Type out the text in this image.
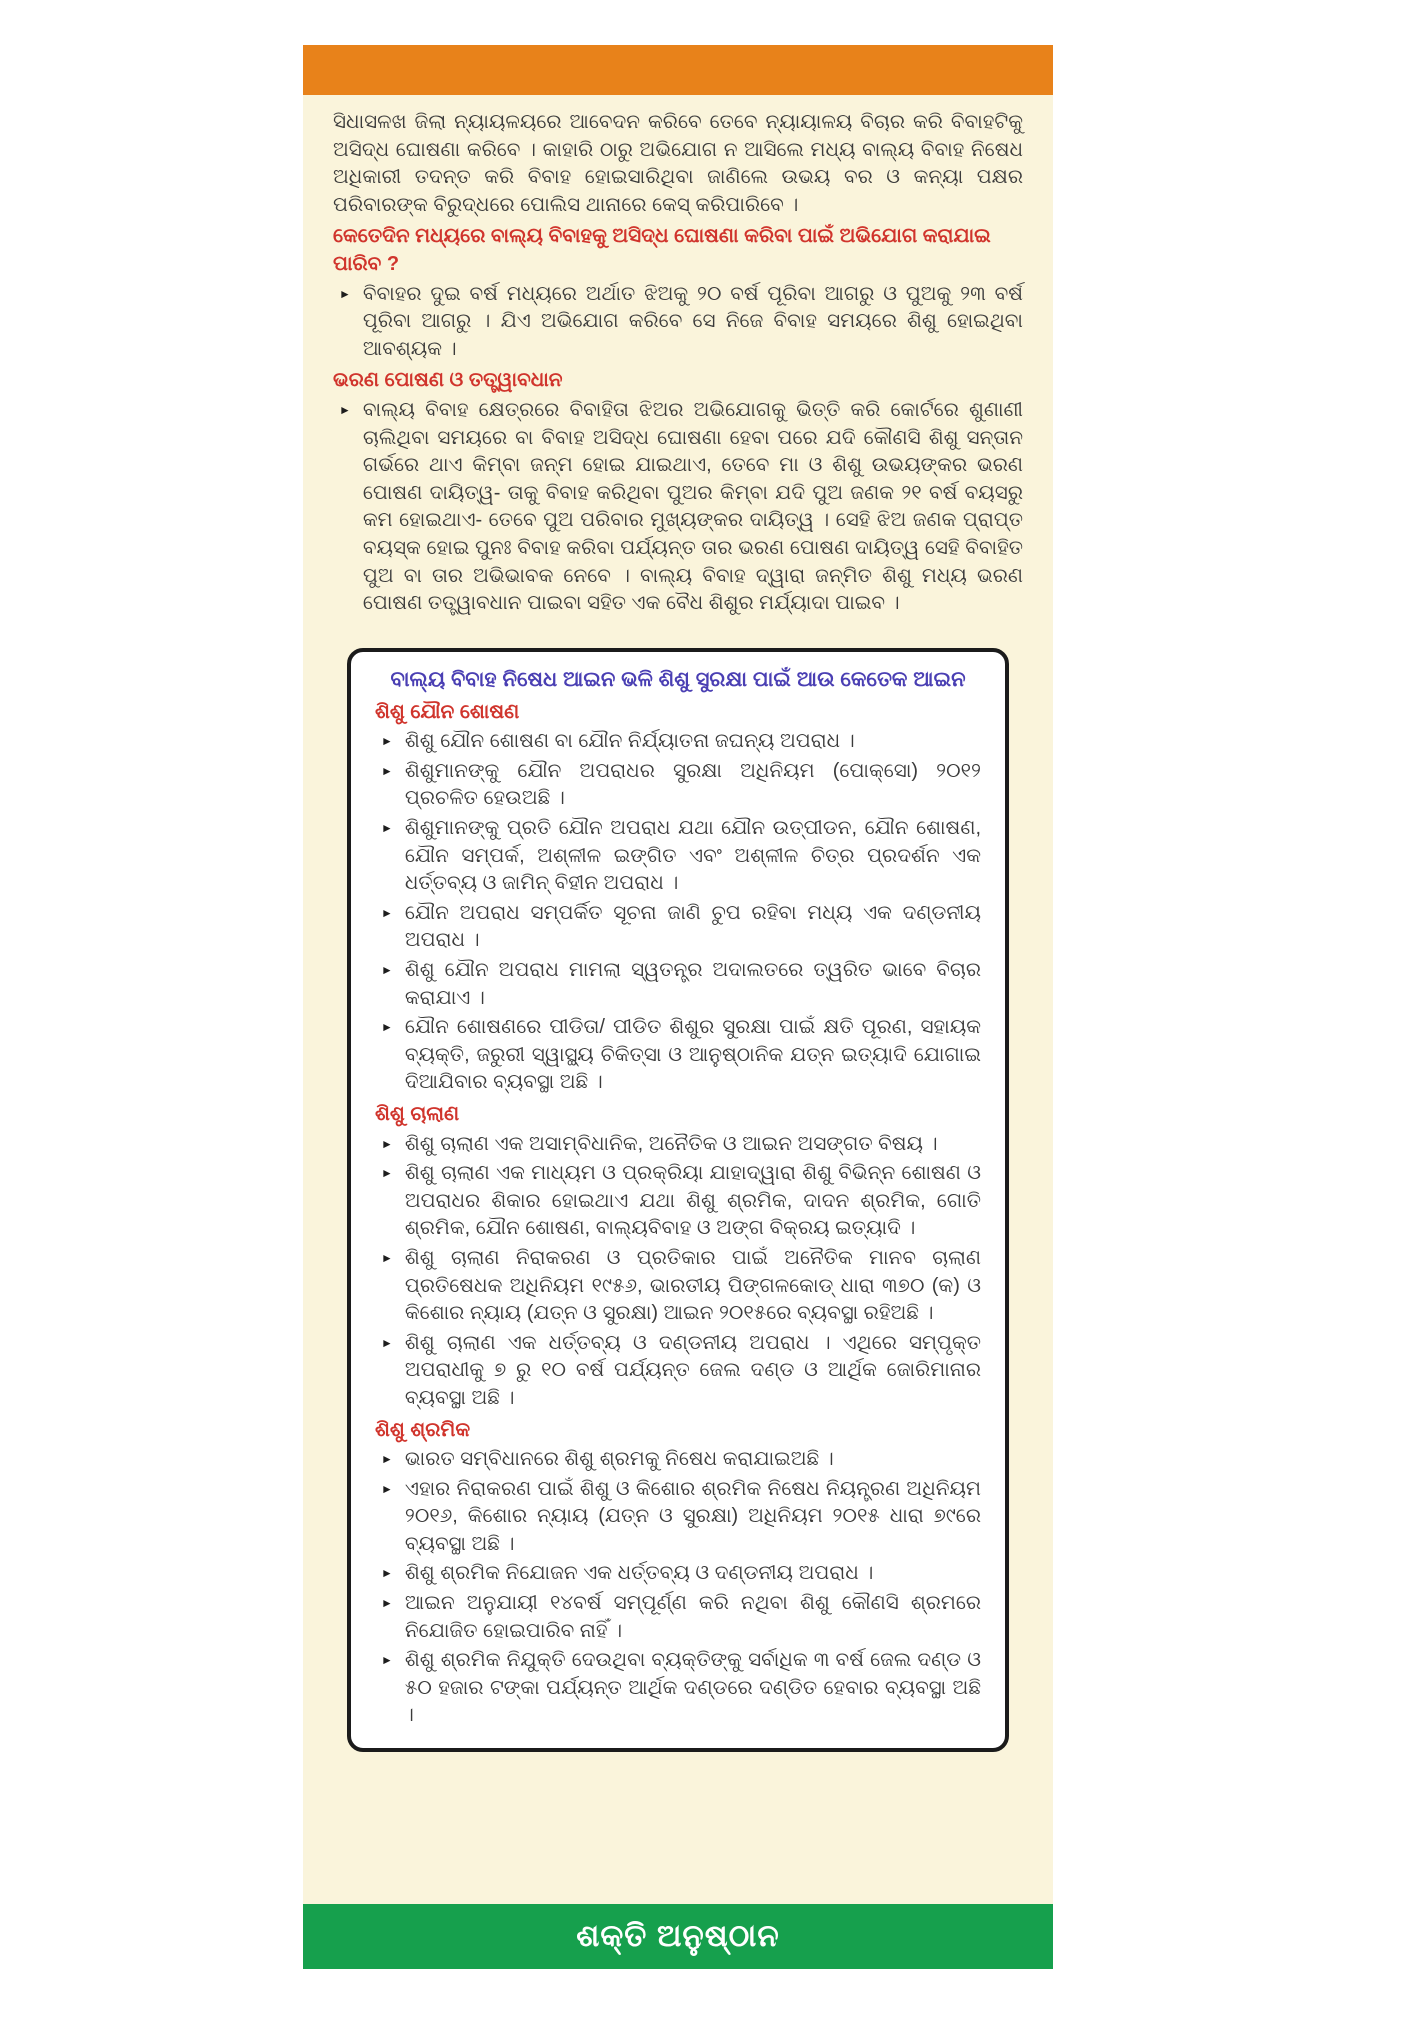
ସିଧାସଳଖ ଜିଲା ନ୍ୟାୟଳୟରେ ଆବେଦନ କରିବେ ତେବେ ନ୍ୟାୟାଳୟ ବିଚାର କରି ବିବାହଟିକୁ ଅସିଦ୍ଧ ଘୋଷଣା କରିବେ । କାହାରି ଠାରୁ ଅଭିଯୋଗ ନ ଆସିଲେ ମଧ୍ୟ ବାଲ୍ୟ ବିବାହ ନିଷେଧ ଅଧିକାରୀ ତଦନ୍ତ କରି ବିବାହ ହୋଇସାରିଥିବା ଜାଣିଲେ ଉଭୟ ବର ଓ କନ୍ୟା ପକ୍ଷର ପରିବାରଙ୍କ ବିରୁଦ୍ଧରେ ପୋଲିସ ଥାନାରେ କେସ୍ କରିପାରିବେ ।

କେତେଦିନ ମଧ୍ୟରେ ବାଲ୍ୟ ବିବାହକୁ ଅସିଦ୍ଧ ଘୋଷଣା କରିବା ପାଇଁ ଅଭିଯୋଗ କରାଯାଇ ପାରିବ ?
► ବିବାହର ଦୁଇ ବର୍ଷ ମଧ୍ୟରେ ଅର୍ଥାତ ଝିଅକୁ ୨୦ ବର୍ଷ ପୂରିବା ଆଗରୁ ଓ ପୁଅକୁ ୨୩ ବର୍ଷ ପୂରିବା ଆଗରୁ । ଯିଏ ଅଭିଯୋଗ କରିବେ ସେ ନିଜେ ବିବାହ ସମୟରେ ଶିଶୁ ହୋଇଥିବା ଆବଶ୍ୟକ ।
ଭରଣ ପୋଷଣ ଓ ତତ୍ତ୍ୱାବଧାନ
► ବାଲ୍ୟ ବିବାହ କ୍ଷେତ୍ରରେ ବିବାହିତା ଝିଅର ଅଭିଯୋଗକୁ ଭିତ୍ତି କରି କୋର୍ଟରେ ଶୁଣାଣୀ ଚାଲିଥିବା ସମୟରେ ବା ବିବାହ ଅସିଦ୍ଧ ଘୋଷଣା ହେବା ପରେ ଯଦି କୌଣସି ଶିଶୁ ସନ୍ତାନ ଗର୍ଭରେ ଥାଏ କିମ୍ବା ଜନ୍ମ ହୋଇ ଯାଇଥାଏ, ତେବେ ମା ଓ ଶିଶୁ ଉଭୟଙ୍କର ଭରଣ ପୋଷଣ ଦାୟିତ୍ୱ- ତାକୁ ବିବାହ କରିଥିବା ପୁଅର କିମ୍ବା ଯଦି ପୁଅ ଜଣକ ୨୧ ବର୍ଷ ବୟସରୁ କମ ହୋଇଥାଏ- ତେବେ ପୁଅ ପରିବାର ମୁଖ୍ୟଙ୍କର ଦାୟିତ୍ୱ । ସେହି ଝିଅ ଜଣକ ପ୍ରାପ୍ତ ବୟସ୍କ ହୋଇ ପୁନଃ ବିବାହ କରିବା ପର୍ଯ୍ୟନ୍ତ ତାର ଭରଣ ପୋଷଣ ଦାୟିତ୍ୱ ସେହି ବିବାହିତ ପୁଅ ବା ତାର ଅଭିଭାବକ ନେବେ । ବାଲ୍ୟ ବିବାହ ଦ୍ୱାରା ଜନ୍ମିତ ଶିଶୁ ମଧ୍ୟ ଭରଣ ପୋଷଣ ତତ୍ତ୍ୱାବଧାନ ପାଇବା ସହିତ ଏକ ବୈଧ ଶିଶୁର ମର୍ଯ୍ୟାଦା ପାଇବ ।
ବାଲ୍ୟ ବିବାହ ନିଷେଧ ଆଇନ ଭଳି ଶିଶୁ ସୁରକ୍ଷା ପାଇଁ ଆଉ କେତେକ ଆଇନ
ଶିଶୁ ଯୌନ ଶୋଷଣ
► ଶିଶୁ ଯୌନ ଶୋଷଣ ବା ଯୌନ ନିର୍ଯ୍ୟାତନା ଜଘନ୍ୟ ଅପରାଧ ।
► ଶିଶୁମାନଙ୍କୁ ଯୌନ ଅପରାଧର ସୁରକ୍ଷା ଅଧିନିୟମ (ପୋକ୍ସୋ) ୨୦୧୨ ପ୍ରଚଳିତ ହେଉଅଛି ।
► ଶିଶୁମାନଙ୍କୁ ପ୍ରତି ଯୌନ ଅପରାଧ ଯଥା ଯୌନ ଉତ୍ପୀଡନ, ଯୌନ ଶୋଷଣ, ଯୌନ ସମ୍ପର୍କ, ଅଶ୍ଳୀଳ ଇଙ୍ଗିତ ଏବଂ ଅଶ୍ଳୀଳ ଚିତ୍ର ପ୍ରଦର୍ଶନ ଏକ ଧର୍ତ୍ତବ୍ୟ ଓ ଜାମିନ୍ ବିହୀନ ଅପରାଧ ।
► ଯୌନ ଅପରାଧ ସମ୍ପର୍କିତ ସୂଚନା ଜାଣି ଚୁପ ରହିବା ମଧ୍ୟ ଏକ ଦଣ୍ଡନୀୟ ଅପରାଧ ।
► ଶିଶୁ ଯୌନ ଅପରାଧ ମାମଲା ସ୍ୱତନ୍ତ୍ର ଅଦାଲତରେ ତ୍ୱରିତ ଭାବେ ବିଚାର କରାଯାଏ ।
► ଯୌନ ଶୋଷଣରେ ପୀଡିତା/ ପୀଡିତ ଶିଶୁର ସୁରକ୍ଷା ପାଇଁ କ୍ଷତି ପୂରଣ, ସହାୟକ ବ୍ୟକ୍ତି, ଜରୁରୀ ସ୍ୱାସ୍ଥ୍ୟ ଚିକିତ୍ସା ଓ ଆନୁଷ୍ଠାନିକ ଯତ୍ନ ଇତ୍ୟାଦି ଯୋଗାଇ ଦିଆଯିବାର ବ୍ୟବସ୍ଥା ଅଛି ।
ଶିଶୁ ଚାଲାଣ
► ଶିଶୁ ଚାଲାଣ ଏକ ଅସାମ୍ବିଧାନିକ, ଅନୈତିକ ଓ ଆଇନ ଅସଙ୍ଗତ ବିଷୟ ।
► ଶିଶୁ ଚାଲାଣ ଏକ ମାଧ୍ୟମ ଓ ପ୍ରକ୍ରିୟା ଯାହାଦ୍ୱାରା ଶିଶୁ ବିଭିନ୍ନ ଶୋଷଣ ଓ ଅପରାଧର ଶିକାର ହୋଇଥାଏ ଯଥା ଶିଶୁ ଶ୍ରମିକ, ଦାଦନ ଶ୍ରମିକ, ଗୋତି ଶ୍ରମିକ, ଯୌନ ଶୋଷଣ, ବାଲ୍ୟବିବାହ ଓ ଅଙ୍ଗ ବିକ୍ରୟ ଇତ୍ୟାଦି ।
► ଶିଶୁ ଚାଲାଣ ନିରାକରଣ ଓ ପ୍ରତିକାର ପାଇଁ ଅନୈତିକ ମାନବ ଚାଲାଣ ପ୍ରତିଷେଧକ ଅଧିନିୟମ ୧୯୫୬, ଭାରତୀୟ ପିଙ୍ଗଳକୋଡ୍ ଧାରା ୩୭୦ (କ) ଓ କିଶୋର ନ୍ୟାୟ (ଯତ୍ନ ଓ ସୁରକ୍ଷା) ଆଇନ ୨୦୧୫ରେ ବ୍ୟବସ୍ଥା ରହିଅଛି ।
► ଶିଶୁ ଚାଲାଣ ଏକ ଧର୍ତ୍ତବ୍ୟ ଓ ଦଣ୍ଡନୀୟ ଅପରାଧ । ଏଥିରେ ସମ୍ପୃକ୍ତ ଅପରାଧୀକୁ ୭ ରୁ ୧୦ ବର୍ଷ ପର୍ଯ୍ୟନ୍ତ ଜେଲ ଦଣ୍ଡ ଓ ଆର୍ଥିକ ଜୋରିମାନାର ବ୍ୟବସ୍ଥା ଅଛି ।
ଶିଶୁ ଶ୍ରମିକ
► ଭାରତ ସମ୍ବିଧାନରେ ଶିଶୁ ଶ୍ରମକୁ ନିଷେଧ କରାଯାଇଅଛି ।
► ଏହାର ନିରାକରଣ ପାଇଁ ଶିଶୁ ଓ କିଶୋର ଶ୍ରମିକ ନିଷେଧ ନିୟନ୍ତ୍ରଣ ଅଧିନିୟମ ୨୦୧୬, କିଶୋର ନ୍ୟାୟ (ଯତ୍ନ ଓ ସୁରକ୍ଷା) ଅଧିନିୟମ ୨୦୧୫ ଧାରା ୭୯ରେ ବ୍ୟବସ୍ଥା ଅଛି ।
► ଶିଶୁ ଶ୍ରମିକ ନିଯୋଜନ ଏକ ଧର୍ତ୍ତବ୍ୟ ଓ ଦଣ୍ଡନୀୟ ଅପରାଧ ।
► ଆଇନ ଅନୁଯାୟୀ ୧୪ବର୍ଷ ସମ୍ପୂର୍ଣ୍ଣ କରି ନଥିବା ଶିଶୁ କୌଣସି ଶ୍ରମରେ ନିଯୋଜିତ ହୋଇପାରିବ ନାହିଁ ।
► ଶିଶୁ ଶ୍ରମିକ ନିଯୁକ୍ତି ଦେଉଥିବା ବ୍ୟକ୍ତିଙ୍କୁ ସର୍ବାଧିକ ୩ ବର୍ଷ ଜେଲ ଦଣ୍ଡ ଓ ୫୦ ହଜାର ଟଙ୍କା ପର୍ଯ୍ୟନ୍ତ ଆର୍ଥିକ ଦଣ୍ଡରେ ଦଣ୍ଡିତ ହେବାର ବ୍ୟବସ୍ଥା ଅଛି ।
ଶକ୍ତି ଅନୁଷ୍ଠାନ
